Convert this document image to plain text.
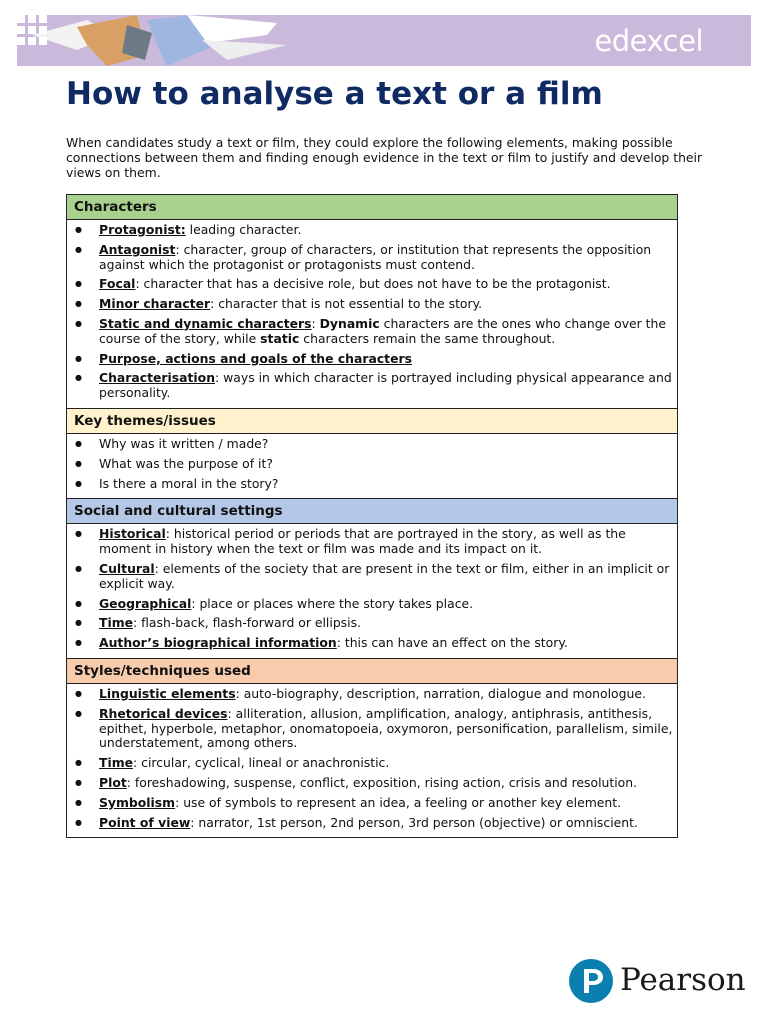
edexcel
How to analyse a text or a film

When candidates study a text or film, they could explore the following elements, making possible connections between them and finding enough evidence in the text or film to justify and develop their views on them.

Characters
● Protagonist: leading character.
● Antagonist: character, group of characters, or institution that represents the opposition against which the protagonist or protagonists must contend.
● Focal: character that has a decisive role, but does not have to be the protagonist.
● Minor character: character that is not essential to the story.
● Static and dynamic characters: Dynamic characters are the ones who change over the course of the story, while static characters remain the same throughout.
● Purpose, actions and goals of the characters
● Characterisation: ways in which character is portrayed including physical appearance and personality.
Key themes/issues
● Why was it written / made?
● What was the purpose of it?
● Is there a moral in the story?
Social and cultural settings
● Historical: historical period or periods that are portrayed in the story, as well as the moment in history when the text or film was made and its impact on it.
● Cultural: elements of the society that are present in the text or film, either in an implicit or explicit way.
● Geographical: place or places where the story takes place.
● Time: flash-back, flash-forward or ellipsis.
● Author’s biographical information: this can have an effect on the story.
Styles/techniques used
● Linguistic elements: auto-biography, description, narration, dialogue and monologue.
● Rhetorical devices: alliteration, allusion, amplification, analogy, antiphrasis, antithesis, epithet, hyperbole, metaphor, onomatopoeia, oxymoron, personification, parallelism, simile, understatement, among others.
● Time: circular, cyclical, lineal or anachronistic.
● Plot: foreshadowing, suspense, conflict, exposition, rising action, crisis and resolution.
● Symbolism: use of symbols to represent an idea, a feeling or another key element.
● Point of view: narrator, 1st person, 2nd person, 3rd person (objective) or omniscient.
Pearson
